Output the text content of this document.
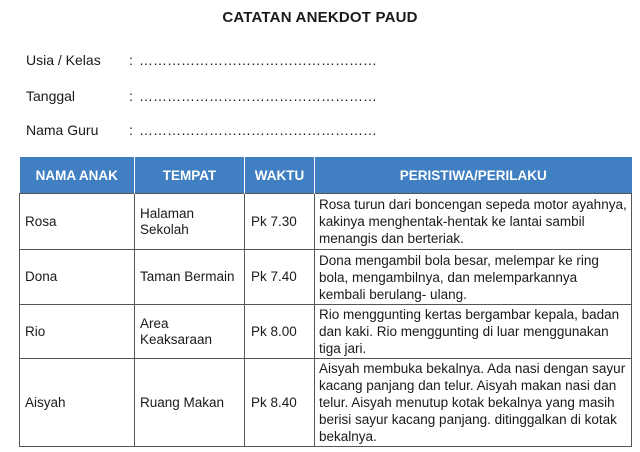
CATATAN ANEKDOT PAUD
Usia / Kelas : ……………………………………………
Tanggal	: ……………………………………………
Nama Guru : ……………………………………………
NAMA ANAK	TEMPAT	WAKTU	PERISTIWA/PERILAKU
Rosa	Halaman Sekolah	Pk 7.30	Rosa turun dari boncengan sepeda motor ayahnya, kakinya menghentak-hentak ke lantai sambil menangis dan berteriak.
Dona	Taman Bermain	Pk 7.40	Dona mengambil bola besar, melempar ke ring bola, mengambilnya, dan melemparkannya kembali berulang- ulang.
Rio	Area Keaksaraan	Pk 8.00	Rio menggunting kertas bergambar kepala, badan dan kaki. Rio menggunting di luar menggunakan tiga jari.
Aisyah	Ruang Makan	Pk 8.40	Aisyah membuka bekalnya. Ada nasi dengan sayur kacang panjang dan telur. Aisyah makan nasi dan telur. Aisyah menutup kotak bekalnya yang masih berisi sayur kacang panjang. ditinggalkan di kotak bekalnya.
